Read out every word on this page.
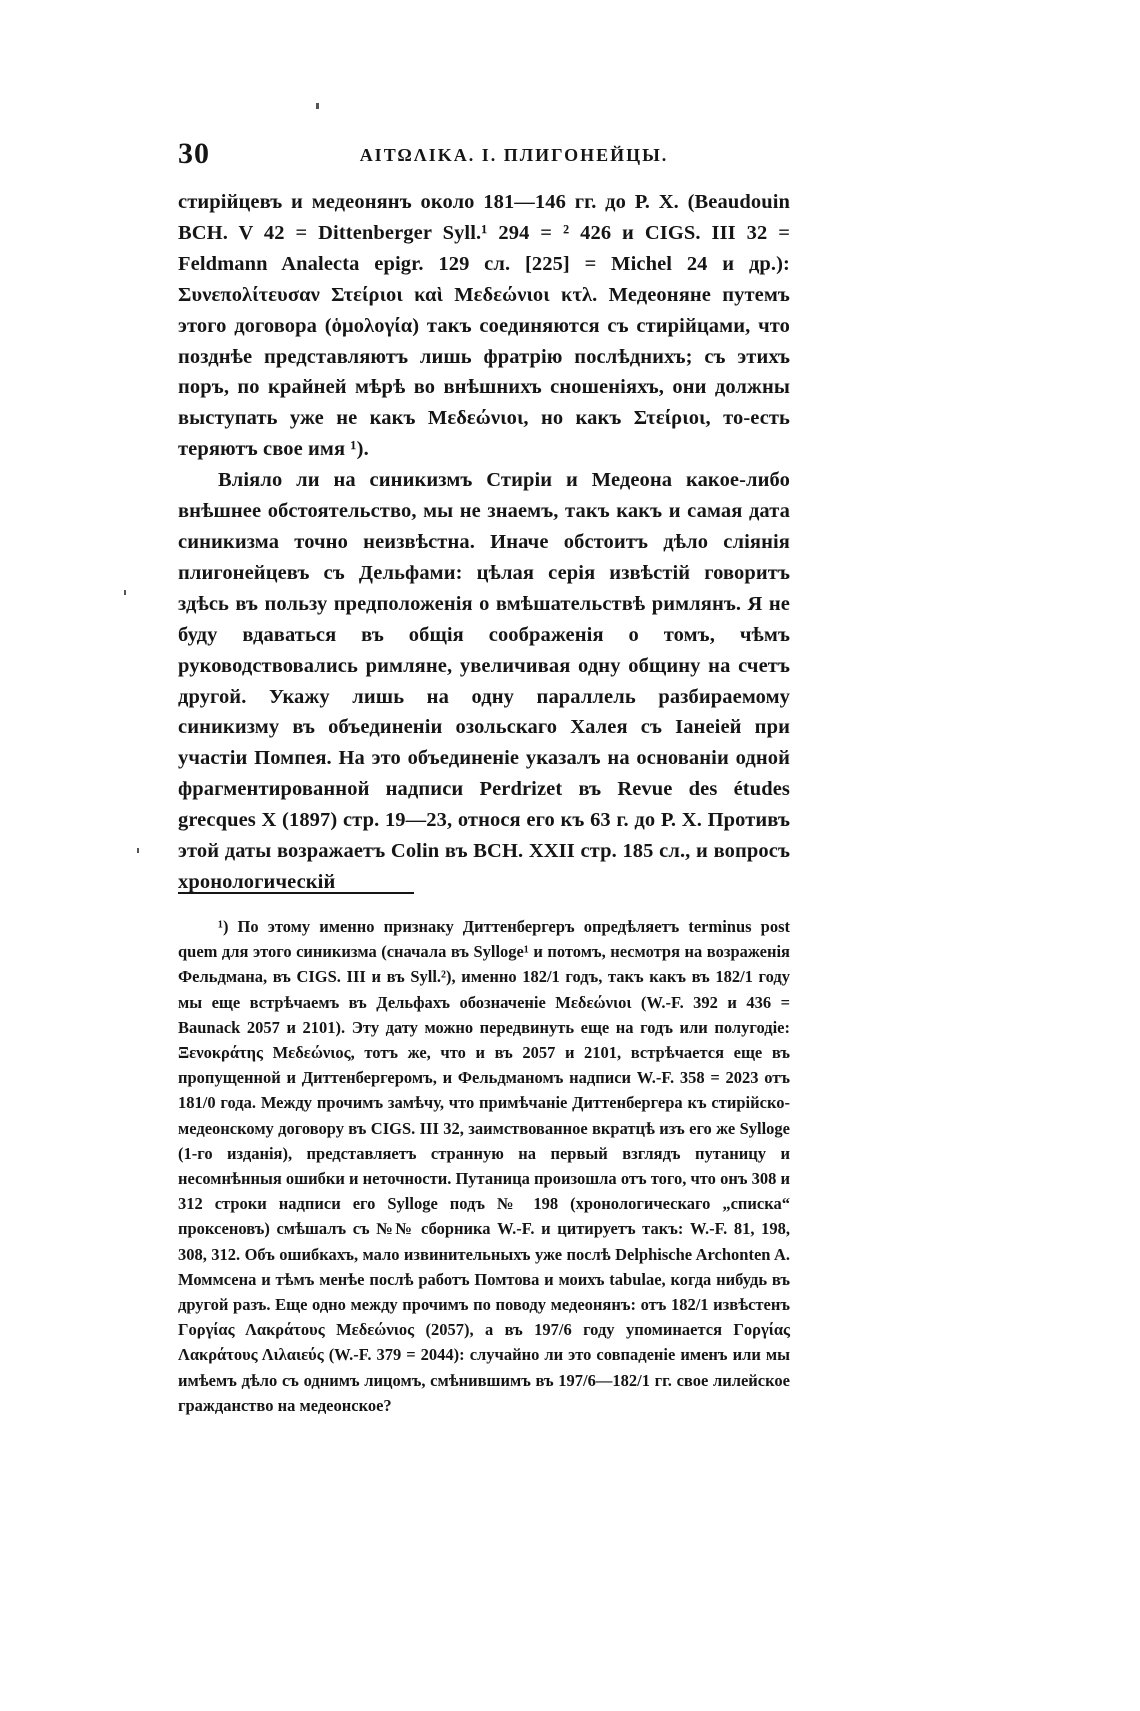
30	ΑΙΤΩΛΙΚΑ. I. ПЛИГОНЕЙЦЫ.

стирійцевъ и медеонянъ около 181—146 гг. до Р. Х. (Beaudouin BCH. V 42 = Dittenberger Syll.¹ 294 = ² 426 и CIGS. III 32 = Feldmann Analecta epigr. 129 сл. [225] = Michel 24 и др.): Συνεπολίτευσαν Στείριοι καὶ Μεδεώνιοι κτλ. Медеоняне путемъ этого договора (ὁμολογία) такъ соединяются съ стирійцами, что позднѣе представляютъ лишь фратрію послѣднихъ; съ этихъ поръ, по крайней мѣрѣ во внѣшнихъ сношеніяхъ, они должны выступать уже не какъ Μεδεώνιοι, но какъ Στείριοι, то-есть теряютъ свое имя ¹).

Вліяло ли на синикизмъ Стиріи и Медеона какое-либо внѣшнее обстоятельство, мы не знаемъ, такъ какъ и самая дата синикизма точно неизвѣстна. Иначе обстоитъ дѣло сліянія плигонейцевъ съ Дельфами: цѣлая серія извѣстій говоритъ здѣсь въ пользу предположенія о вмѣшательствѣ римлянъ. Я не буду вдаваться въ общія соображенія о томъ, чѣмъ руководствовались римляне, увеличивая одну общину на счетъ другой. Укажу лишь на одну параллель разбираемому синикизму въ объединеніи озольскаго Халея съ Іанеіей при участіи Помпея. На это объединеніе указалъ на основаніи одной фрагментированной надписи Perdrizet въ Revue des études grecques X (1897) стр. 19—23, относя его къ 63 г. до Р. Х. Противъ этой даты возражаетъ Colin въ BCH. XXII стр. 185 сл., и вопросъ хронологическій

¹) По этому именно признаку Диттенбергеръ опредѣляетъ terminus post quem для этого синикизма (сначала въ Sylloge¹ и потомъ, несмотря на возраженія Фельдмана, въ CIGS. III и въ Syll.²), именно 182/1 годъ, такъ какъ въ 182/1 году мы еще встрѣчаемъ въ Дельфахъ обозначеніе Μεδεώνιοι (W.-F. 392 и 436 = Baunack 2057 и 2101). Эту дату можно передвинуть еще на годъ или полугодіе: Ξενοκράτης Μεδεώνιος, тотъ же, что и въ 2057 и 2101, встрѣчается еще въ пропущенной и Диттенбергеромъ, и Фельдманомъ надписи W.-F. 358 = 2023 отъ 181/0 года. Между прочимъ замѣчу, что примѣчаніе Диттенбергера къ стирійско-медеонскому договору въ CIGS. III 32, заимствованное вкратцѣ изъ его же Sylloge (1-го изданія), представляетъ странную на первый взглядъ путаницу и несомнѣнныя ошибки и неточности. Путаница произошла отъ того, что онъ 308 и 312 строки надписи его Sylloge подъ № 198 (хронологическаго „списка“ проксеновъ) смѣшалъ съ №№ сборника W.-F. и цитируетъ такъ: W.-F. 81, 198, 308, 312. Объ ошибкахъ, мало извинительныхъ уже послѣ Delphische Archonten A. Моммсена и тѣмъ менѣе послѣ работъ Помтова и моихъ tabulae, когда нибудь въ другой разъ. Еще одно между прочимъ по поводу медеонянъ: отъ 182/1 извѣстенъ Γοργίας Λακράτους Μεδεώνιος (2057), а въ 197/6 году упоминается Γοργίας Λακράτους Λιλαιεύς (W.-F. 379 = 2044): случайно ли это совпаденіе именъ или мы имѣемъ дѣло съ однимъ лицомъ, смѣнившимъ въ 197/6—182/1 гг. свое лилейское гражданство на медеонское?
